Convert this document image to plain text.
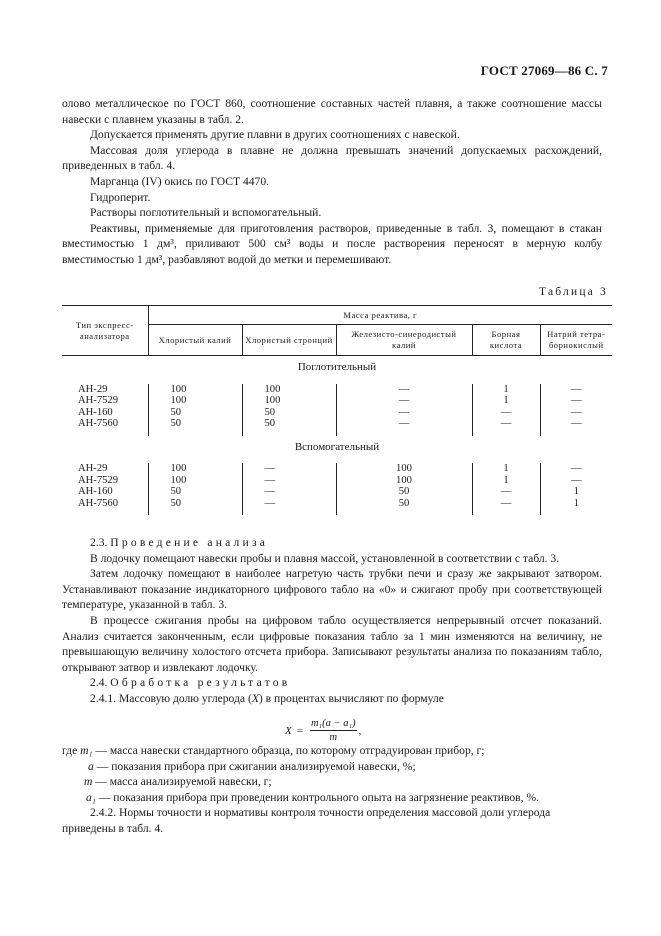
ГОСТ 27069—86 С. 7

олово металлическое по ГОСТ 860, соотношение составных частей плавня, а также соотношение массы навески с плавнем указаны в табл. 2.

Допускается применять другие плавни в других соотношениях с навеской.

Массовая доля углерода в плавне не должна превышать значений допускаемых расхождений, приведенных в табл. 4.

Марганца (IV) окись по ГОСТ 4470.

Гидроперит.

Растворы поглотительный и вспомогательный.

Реактивы, применяемые для приготовления растворов, приведенные в табл. 3, помещают в стакан вместимостью 1 дм³, приливают 500 см³ воды и после растворения переносят в мерную колбу вместимостью 1 дм³, разбавляют водой до метки и перемешивают.

Таблица 3
Тип экспресс-анализатора	Масса реактива, г				
	Хлористый калий	Хлористый стронций	Железисто-синеродистый калий	Борная кислота	Натрий тетра-борнокислый
Поглотительный					
АН-29	100	100	—	1	—
АН-7529	100	100	—	1	—
АН-160	50	50	—	—	—
АН-7560	50	50	—	—	—
Вспомогательный					
АН-29	100	—	100	1	—
АН-7529	100	—	100	1	—
АН-160	50	—	50	—	1
АН-7560	50	—	50	—	1

2.3. Проведение анализа

В лодочку помещают навески пробы и плавня массой, установленной в соответствии с табл. 3.

Затем лодочку помещают в наиболее нагретую часть трубки печи и сразу же закрывают затвором. Устанавливают показание индикаторного цифрового табло на «0» и сжигают пробу при соответствующей температуре, указанной в табл. 3.

В процессе сжигания пробы на цифровом табло осуществляется непрерывный отсчет показаний. Анализ считается законченным, если цифровые показания табло за 1 мин изменяются на величину, не превышающую величину холостого отсчета прибора. Записывают результаты анализа по показаниям табло, открывают затвор и извлекают лодочку.

2.4. Обработка результатов

2.4.1. Массовую долю углерода (X) в процентах вычисляют по формуле

$X = \frac{\text{m₁(a − a₁)}}{m}$ ,

где m₁ — масса навески стандартного образца, по которому отградуирован прибор, г;

a — показания прибора при сжигании анализируемой навески, %;

m — масса анализируемой навески, г;

a₁ — показания прибора при проведении контрольного опыта на загрязнение реактивов, %.

2.4.2. Нормы точности и нормативы контроля точности определения массовой доли углерода приведены в табл. 4.
